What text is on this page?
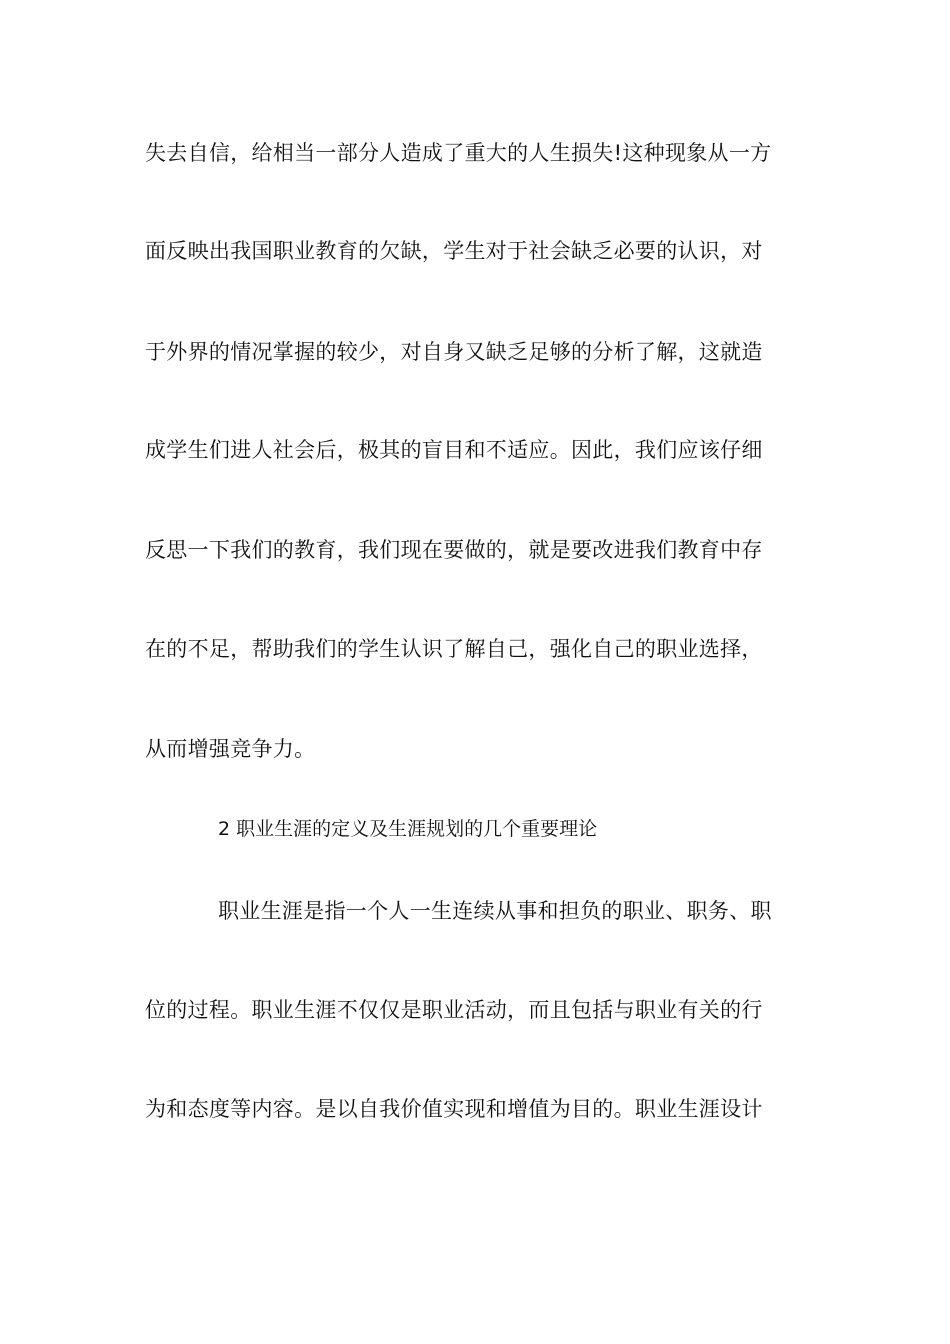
失去自信，给相当一部分人造成了重大的人生损失!这种现象从一方
面反映出我国职业教育的欠缺，学生对于社会缺乏必要的认识，对
于外界的情况掌握的较少，对自身又缺乏足够的分析了解，这就造
成学生们进人社会后，极其的盲目和不适应。因此，我们应该仔细
反思一下我们的教育，我们现在要做的，就是要改进我们教育中存
在的不足，帮助我们的学生认识了解自己，强化自己的职业选择，
从而增强竞争力。
2 职业生涯的定义及生涯规划的几个重要理论
职业生涯是指一个人一生连续从事和担负的职业、职务、职
位的过程。职业生涯不仅仅是职业活动，而且包括与职业有关的行
为和态度等内容。是以自我价值实现和增值为目的。职业生涯设计
